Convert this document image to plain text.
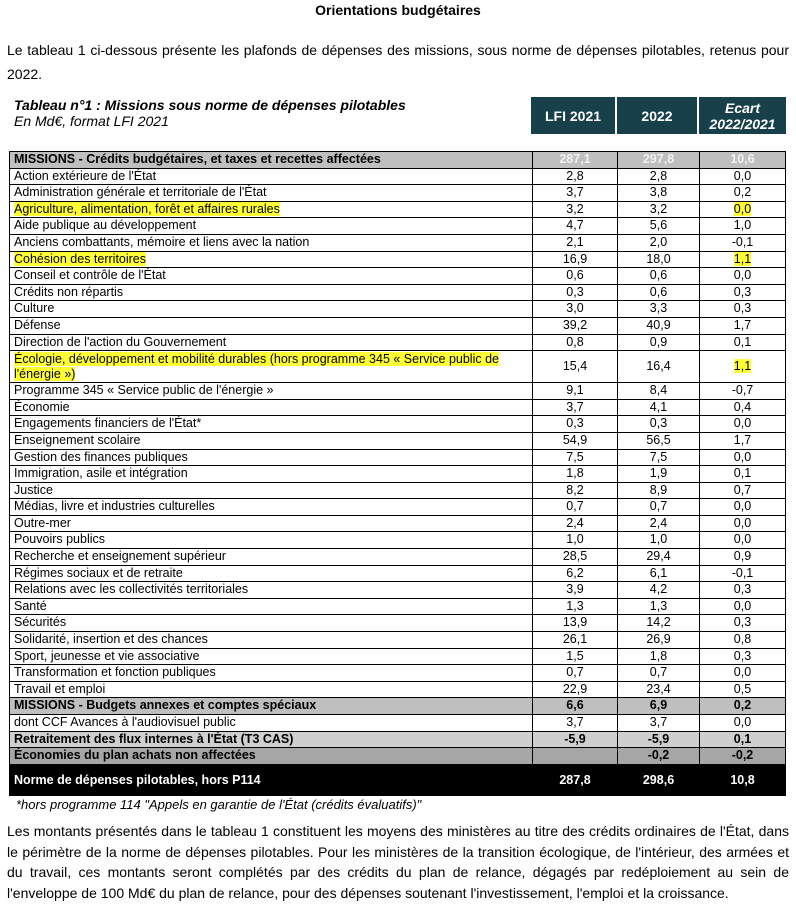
Orientations budgétaires
Le tableau 1 ci-dessous présente les plafonds de dépenses des missions, sous norme de dépenses pilotables, retenus pour 2022.
Tableau n°1 : Missions sous norme de dépenses pilotables
En Md€, format LFI 2021	LFI 2021	2022	Ecart
2022/2021
MISSIONS - Crédits budgétaires, et taxes et recettes affectées	287,1	297,8	10,6
Action extérieure de l'État	2,8	2,8	0,0
Administration générale et territoriale de l'État	3,7	3,8	0,2
Agriculture, alimentation, forêt et affaires rurales	3,2	3,2	0,0
Aide publique au développement	4,7	5,6	1,0
Anciens combattants, mémoire et liens avec la nation	2,1	2,0	-0,1
Cohésion des territoires	16,9	18,0	1,1
Conseil et contrôle de l'État	0,6	0,6	0,0
Crédits non répartis	0,3	0,6	0,3
Culture	3,0	3,3	0,3
Défense	39,2	40,9	1,7
Direction de l'action du Gouvernement	0,8	0,9	0,1
Écologie, développement et mobilité durables (hors programme 345 « Service public de l'énergie »)	15,4	16,4	1,1
Programme 345 « Service public de l'énergie »	9,1	8,4	-0,7
Économie	3,7	4,1	0,4
Engagements financiers de l'État*	0,3	0,3	0,0
Enseignement scolaire	54,9	56,5	1,7
Gestion des finances publiques	7,5	7,5	0,0
Immigration, asile et intégration	1,8	1,9	0,1
Justice	8,2	8,9	0,7
Médias, livre et industries culturelles	0,7	0,7	0,0
Outre-mer	2,4	2,4	0,0
Pouvoirs publics	1,0	1,0	0,0
Recherche et enseignement supérieur	28,5	29,4	0,9
Régimes sociaux et de retraite	6,2	6,1	-0,1
Relations avec les collectivités territoriales	3,9	4,2	0,3
Santé	1,3	1,3	0,0
Sécurités	13,9	14,2	0,3
Solidarité, insertion et des chances	26,1	26,9	0,8
Sport, jeunesse et vie associative	1,5	1,8	0,3
Transformation et fonction publiques	0,7	0,7	0,0
Travail et emploi	22,9	23,4	0,5
MISSIONS - Budgets annexes et comptes spéciaux	6,6	6,9	0,2
dont CCF Avances à l'audiovisuel public	3,7	3,7	0,0
Retraitement des flux internes à l'État (T3 CAS)	-5,9	-5,9	0,1
Économies du plan achats non affectées		-0,2	-0,2
Norme de dépenses pilotables, hors P114	287,8	298,6	10,8
*hors programme 114 "Appels en garantie de l'État (crédits évaluatifs)"
Les montants présentés dans le tableau 1 constituent les moyens des ministères au titre des crédits ordinaires de l'État, dans le périmètre de la norme de dépenses pilotables. Pour les ministères de la transition écologique, de l'intérieur, des armées et du travail, ces montants seront complétés par des crédits du plan de relance, dégagés par redéploiement au sein de l'enveloppe de 100 Md€ du plan de relance, pour des dépenses soutenant l'investissement, l'emploi et la croissance.
